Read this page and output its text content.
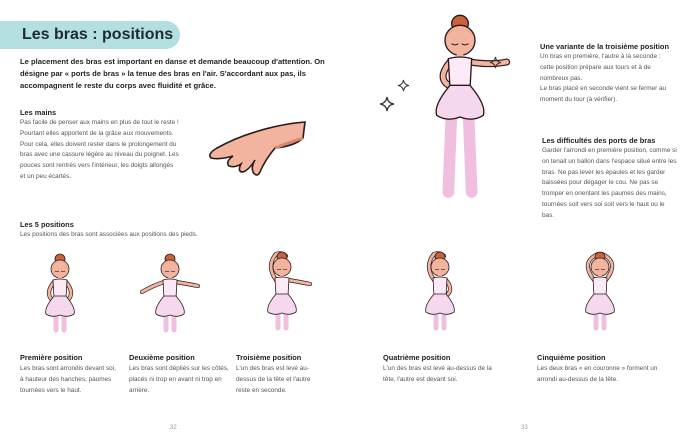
Les bras : positions
Le placement des bras est important en danse et demande beaucoup d'attention. On désigne par « ports de bras » la tenue des bras en l'air. S'accordant aux pas, ils accompagnent le reste du corps avec fluidité et grâce.
Les mains
Pas facile de penser aux mains en plus de tout le reste ! Pourtant elles apportent de la grâce aux mouvements. Pour cela, elles doivent rester dans le prolongement du bras avec une cassure légère au niveau du poignet. Les pouces sont rentrés vers l'intérieur, les doigts allongés et un peu écartés.
Les 5 positions
Les positions des bras sont associées aux positions des pieds.
Première position
Les bras sont arrondis devant soi, à hauteur des hanches, paumes tournées vers le haut.
Deuxième position
Les bras sont dépliés sur les côtés, placés ni trop en avant ni trop en arrière.
Troisième position
L'un des bras est levé au-dessus de la tête et l'autre reste en seconde.
Quatrième position
L'un des bras est levé au-dessus de la tête, l'autre est devant soi.
Cinquième position
Les deux bras « en couronne » forment un arrondi au-dessus de la tête.
Une variante de la troisième position
Un bras en première, l'autre à la seconde : cette position prépare aux tours et à de nombreux pas.
Le bras placé en seconde vient se fermer au moment du tour (à vérifier).
Les difficultés des ports de bras
Garder l'arrondi en première position, comme si on tenait un ballon dans l'espace situé entre les bras. Ne pas lever les épaules et les garder baissées pour dégager le cou. Ne pas se tromper en orientant les paumes des mains, tournées soit vers soi soit vers le haut ou le bas.
32	33
